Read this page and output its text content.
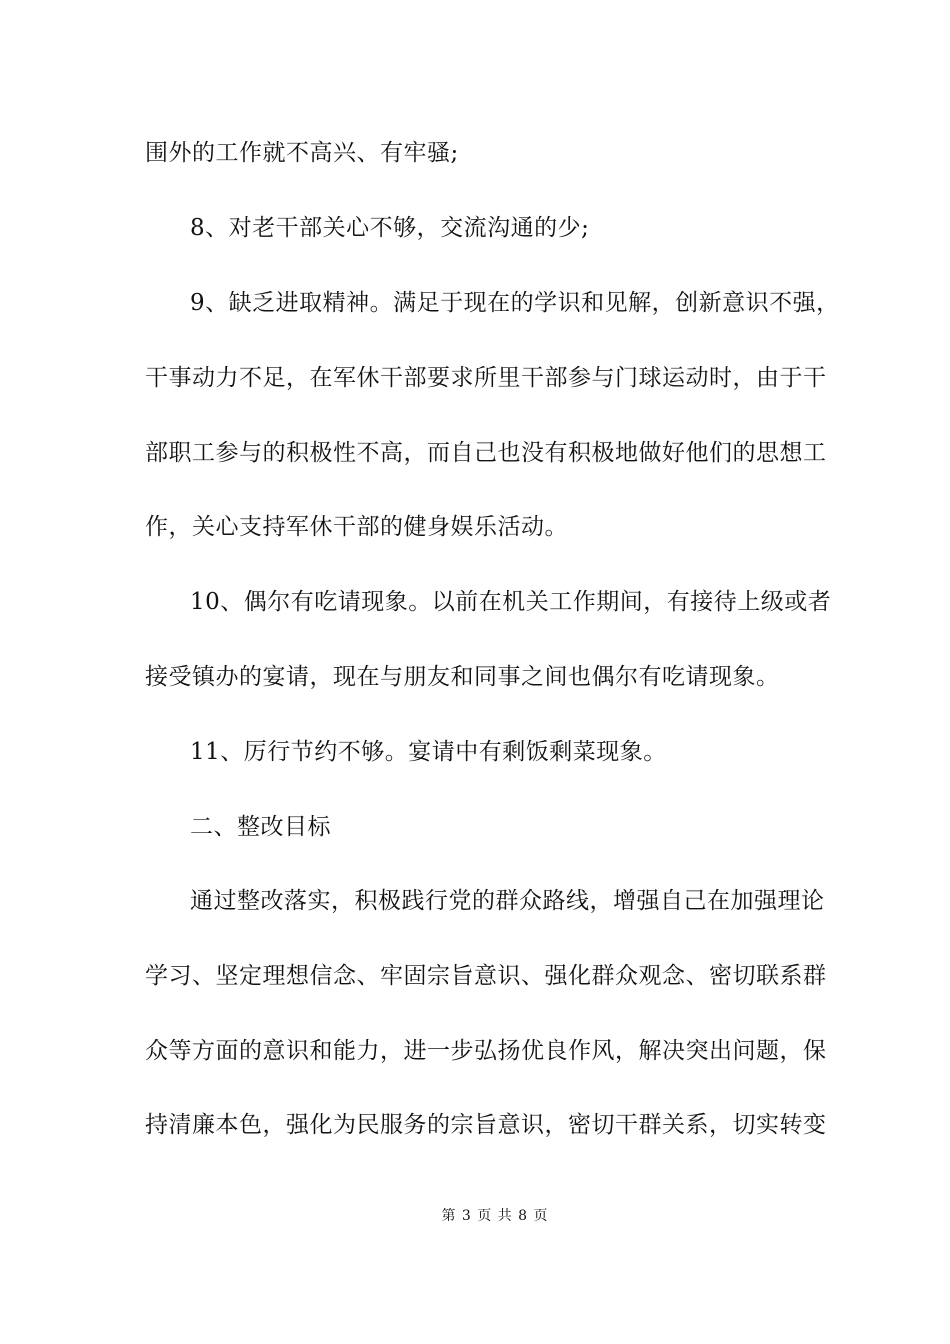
围外的工作就不高兴、有牢骚;
8、对老干部关心不够，交流沟通的少;
9、缺乏进取精神。满足于现在的学识和见解，创新意识不强，
干事动力不足，在军休干部要求所里干部参与门球运动时，由于干
部职工参与的积极性不高，而自己也没有积极地做好他们的思想工
作，关心支持军休干部的健身娱乐活动。
10、偶尔有吃请现象。以前在机关工作期间，有接待上级或者
接受镇办的宴请，现在与朋友和同事之间也偶尔有吃请现象。
11、厉行节约不够。宴请中有剩饭剩菜现象。
二、整改目标
通过整改落实，积极践行党的群众路线，增强自己在加强理论
学习、坚定理想信念、牢固宗旨意识、强化群众观念、密切联系群
众等方面的意识和能力，进一步弘扬优良作风，解决突出问题，保
持清廉本色，强化为民服务的宗旨意识，密切干群关系，切实转变
第 3 页 共 8 页
